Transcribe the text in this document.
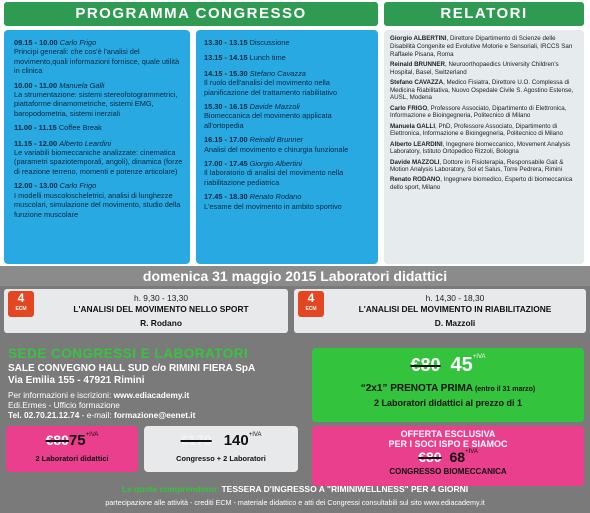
PROGRAMMA CONGRESSO	RELATORI
09.15 - 10.00 Carlo Frigo
Principi generali: che cos'è l'analisi del movimento,quali informazioni fornisce, quale utilità in clinica
10.00 - 11.00 Manuela Galli
La strumentazione: sistemi stereofotogrammetrici, piattaforme dinamometriche, sistemi EMG, baropodometria, sistemi inerziali
11.00 - 11.15 Coffee Break
11.15 - 12.00 Alberto Leardini
Le variabili biomeccaniche analizzate: cinematica (parametri spaziotemporali, angoli), dinamica (forze di reazione terreno, momenti e potenze articolare)
12.00 - 13.00 Carlo Frigo
I modelli muscoloscheletrici, analisi di lunghezze muscolari, simulazione del movimento, studio della funzione muscolare
13.30 - 13.15 Discussione
13.15 - 14.15 Lunch time
14.15 - 15.30 Stefano Cavazza
Il ruolo dell'analisi del movimento nella pianificazione del trattamento riabilitativo
15.30 - 16.15 Davide Mazzoli
Biomeccanica del movimento applicata all'ortopedia
16.15 - 17.00 Reinald Brunner
Analisi del movimento e chirurgia funzionale
17.00 - 17.45 Giorgio Albertini
Il laboratorio di analisi del movimento nella riabilitazione pediatrica
17.45 - 18.30 Renato Rodano
L'esame del movimento in ambito sportivo
Giorgio ALBERTINI, Direttore Dipartimento di Scienze delle Disabilità Congenite ed Evolutive Motorie e Sensoriali, IRCCS San Raffaele Pisana, Roma
Reinald BRUNNER, Neuroorthopaedics University Children's Hospital, Basel, Switzerland
Stefano CAVAZZA, Medico Fisiatra, Direttore U.O. Complessa di Medicina Riabilitativa, Nuovo Ospedale Civile S. Agostino Estense, AUSL, Modena
Carlo FRIGO, Professore Associato, Dipartimento di Elettronica, Informazione e Bioingegneria, Politecnico di Milano
Manuela GALLI, PhD, Professore Associato, Dipartimento di Elettronica, Informazione e Bioingegneria, Politecnico di Milano
Alberto LEARDINI, Ingegnere biomeccanico, Movement Analysis Laboratory, Istituto Ortopedico Rizzoli, Bologna
Davide MAZZOLI, Dottore in Fisioterapia, Responsabile Gait & Motion Analysis Laboratory, Sol et Salus, Torre Pedrera, Rimini
Renato RODANO, Ingegnere biomedico, Esperto di biomeccanica dello sport, Milano
domenica 31 maggio 2015 Laboratori didattici
4
ECM
h. 9,30 - 13,30
L'ANALISI DEL MOVIMENTO NELLO SPORT
R. Rodano
4
ECM
h. 14,30 - 18,30
L'ANALISI DEL MOVIMENTO IN RIABILITAZIONE
D. Mazzoli
SEDE CONGRESSI E LABORATORI
SALE CONVEGNO HALL SUD c/o RIMINI FIERA SpA
Via Emilia 155 - 47921 Rimini
Per informazioni e iscrizioni: www.ediacademy.it
Edi.Ermes - Ufficio formazione
Tel. 02.70.21.12.74 - e-mail: formazione@eenet.it
€80 $45^{+IVA}$
“2x1” PRENOTA PRIMA (entro il 31 marzo)
2 Laboratori didattici al prezzo di 1
OFFERTA ESCLUSIVA
PER I SOCI ISPO E SIAMOC
€80 $68^{+IVA}$
CONGRESSO BIOMECCANICA
$€8075^{+IVA}$
2 Laboratori didattici
€170 $140^{+IVA}$
Congresso + 2 Laboratori
Le quote comprendono: TESSERA D'INGRESSO A "RIMINIWELLNESS" PER 4 GIORNI
partecipazione alle attività - crediti ECM - materiale didattico e atti dei Congressi consultabili sul sito www.ediacademy.it
